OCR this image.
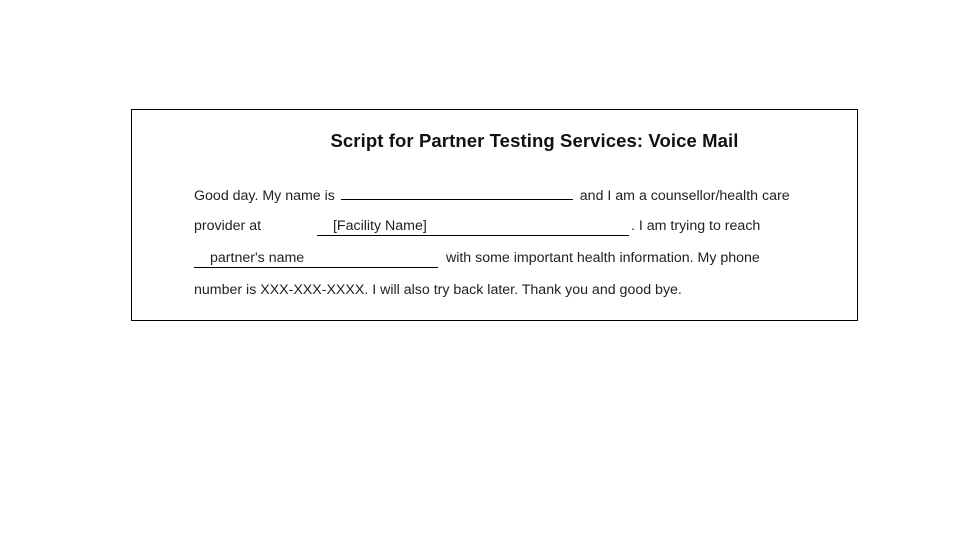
Script for Partner Testing Services: Voice Mail
Good day. My name is	and I am a counsellor/health care
provider at	[Facility Name]	. I am trying to reach
partner's name	with some important health information. My phone
number is XXX-XXX-XXXX. I will also try back later. Thank you and good bye.
